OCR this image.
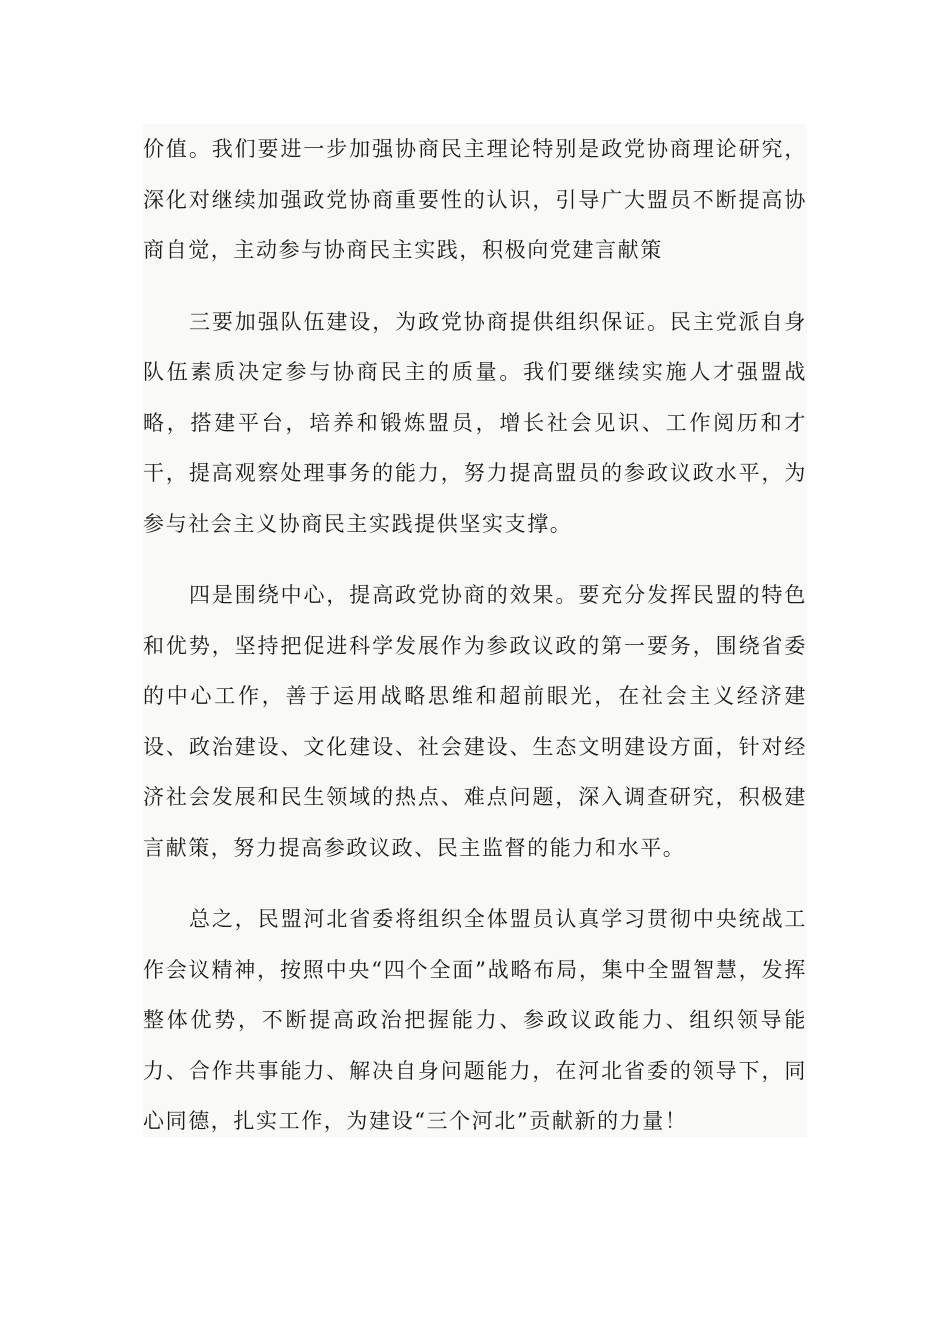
价值。我们要进一步加强协商民主理论特别是政党协商理论研究，深化对继续加强政党协商重要性的认识，引导广大盟员不断提高协商自觉，主动参与协商民主实践，积极向党建言献策

三要加强队伍建设，为政党协商提供组织保证。民主党派自身队伍素质决定参与协商民主的质量。我们要继续实施人才强盟战略，搭建平台，培养和锻炼盟员，增长社会见识、工作阅历和才干，提高观察处理事务的能力，努力提高盟员的参政议政水平，为参与社会主义协商民主实践提供坚实支撑。

四是围绕中心，提高政党协商的效果。要充分发挥民盟的特色和优势，坚持把促进科学发展作为参政议政的第一要务，围绕省委的中心工作，善于运用战略思维和超前眼光，在社会主义经济建设、政治建设、文化建设、社会建设、生态文明建设方面，针对经济社会发展和民生领域的热点、难点问题，深入调查研究，积极建言献策，努力提高参政议政、民主监督的能力和水平。

总之，民盟河北省委将组织全体盟员认真学习贯彻中央统战工作会议精神，按照中央“四个全面”战略布局，集中全盟智慧，发挥整体优势，不断提高政治把握能力、参政议政能力、组织领导能力、合作共事能力、解决自身问题能力，在河北省委的领导下，同心同德，扎实工作，为建设“三个河北”贡献新的力量！
